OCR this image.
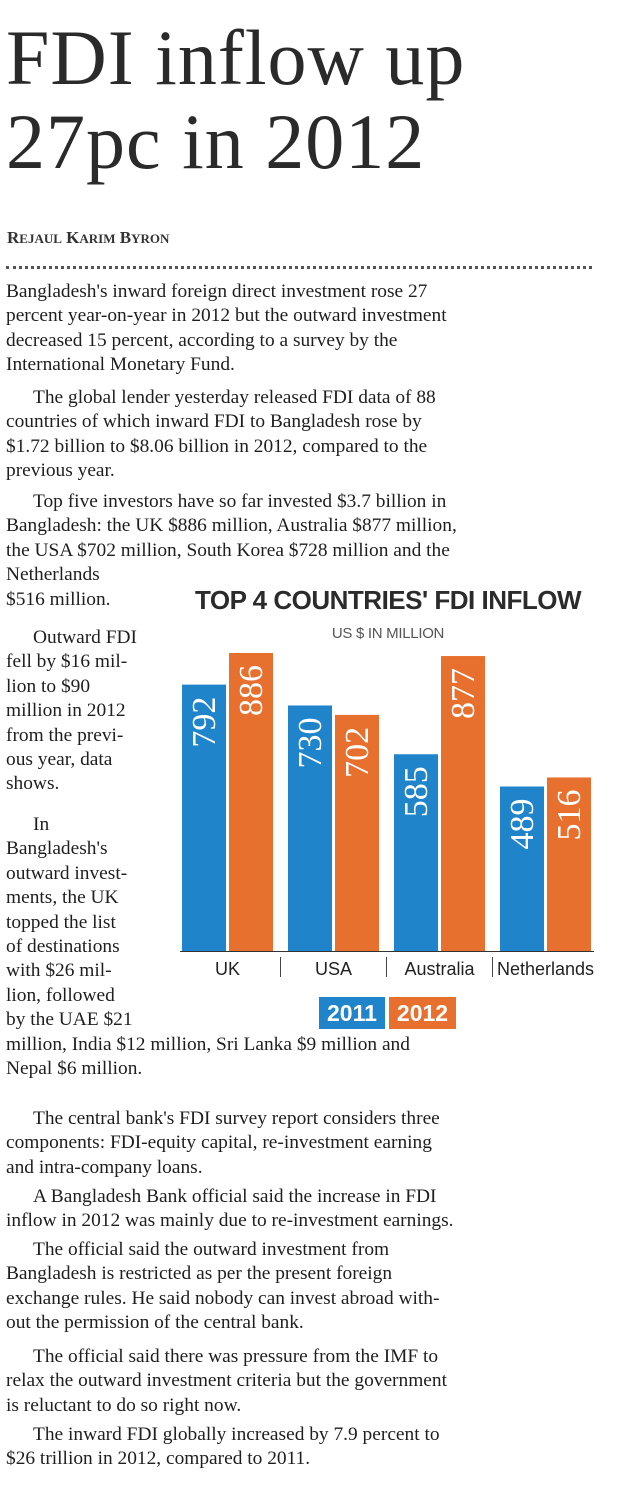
FDI inflow up
27pc in 2012
REJAUL KARIM BYRON

Bangladesh's inward foreign direct investment rose 27
percent year-on-year in 2012 but the outward investment
decreased 15 percent, according to a survey by the
International Monetary Fund.

The global lender yesterday released FDI data of 88
countries of which inward FDI to Bangladesh rose by
$1.72 billion to $8.06 billion in 2012, compared to the
previous year.

Top five investors have so far invested $3.7 billion in
Bangladesh: the UK $886 million, Australia $877 million,
the USA $702 million, South Korea $728 million and the
Netherlands
$516 million.

Outward FDI
fell by $16 mil-
lion to $90
million in 2012
from the previ-
ous year, data
shows.

In
Bangladesh's
outward invest-
ments, the UK
topped the list
of destinations
with $26 mil-
lion, followed
by the UAE $21
million, India $12 million, Sri Lanka $9 million and
Nepal $6 million.

The central bank's FDI survey report considers three
components: FDI-equity capital, re-investment earning
and intra-company loans.

A Bangladesh Bank official said the increase in FDI
inflow in 2012 was mainly due to re-investment earnings.

The official said the outward investment from
Bangladesh is restricted as per the present foreign
exchange rules. He said nobody can invest abroad with-
out the permission of the central bank.

The official said there was pressure from the IMF to
relax the outward investment criteria but the government
is reluctant to do so right now.

The inward FDI globally increased by 7.9 percent to
$26 trillion in 2012, compared to 2011.

TOP 4 COUNTRIES' FDI INFLOW
US $ IN MILLION
792
886
UK
730 702
USA
585
877
Australia
489 516
Netherlands
2011 2012
